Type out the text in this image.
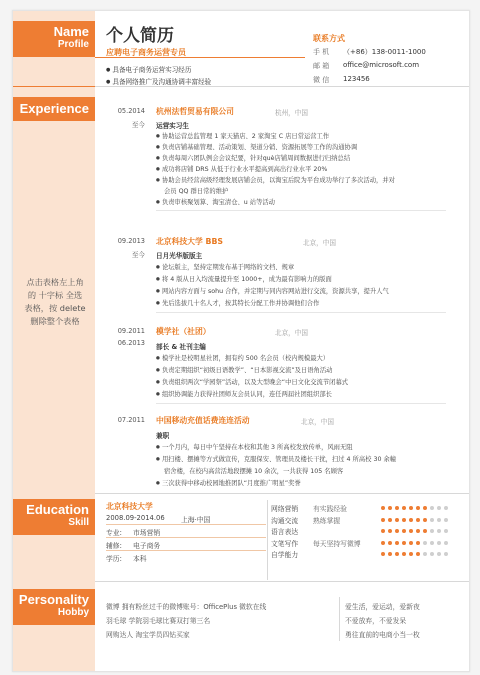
Name
Profile
Experience
Education
Skill
Personality
Hobby
点击表格左上角
的 十字标 全选
表格，按 delete
删除整个表格
个人简历
应聘电子商务运营专员
● 具备电子商务运营实习经历
● 具备网络推广及沟通协调丰富经验
联系方式
手 机 （+86）138-0011-1000
邮 箱 office@microsoft.com
微 信 123456
05.2014
至今
杭州法哲贸易有限公司	杭州，中国
运营实习生
● 协助运营总监管理 1 家天猫店、2 家淘宝 C 店日常运营工作
● 负责店铺基础管理、活动策划、渠道分销、资源拓展等工作的沟通协调
● 负责每周六团队例会会议纪要，针对què店铺周间数据进行归纳总结
● 成功将店铺 DRS 从低于行业水平提高到高出行业水平 20%
● 协助会员经营高级经理发展店铺会员，以淘宝后院为平台成功举行了多次活动，并对
会员 QQ 群日常的维护
● 负责审核聚划算、淘宝清仓、u 站等活动
09.2013
至今
北京科技大学 BBS	北京，中国
日月光华版版主
● 论坛版主，坚持定期发布基于网络的文档、规章
● 将 4 版从日入均流量提升至 1000+，成为最有影响力的版面
● 网站内容方面与 sohu 合作，并定期与同内容网站进行交流，资源共享，提升人气
● 先后选拔几十名人才，按其特长分配工作并协调他们合作
09.2011
06.2013
模学社（社团）	北京，中国
部长 & 社刊主编
● 模学社是校明星社团，拥有约 500 名会员（校内规模最大）
● 负责定期组织“初级日语教学”、“日本影视交流”及日语角活动
● 负责组织两次“学园祭”活动，以及大型晚会“中日文化交流节闭幕式
● 组织协调能力获得社团师友会员认同，连任两届社团组织部长
07.2011 中国移动充值话费连连活动	北京，中国
兼职
● 一个月内，每日中午坚持在本校和其他 3 所高校发放传单，风雨无阻
● 用扫楼、摆摊等方式做宣传，克服保安、管理员及楼长干扰，扫过 4 所高校 30 余幢
宿舍楼，在校内高营活地段摆摊 10 余次，一共获得 105 名顾客
● 三次获得中移动校园地推团队“月度推广明星”奖誉
北京科技大学
2008.09-2014.06 上海·中国
专业: 市场营销
辅修: 电子商务
学历: 本科
网络营销 有实践经验
沟通交流 熟练掌握
语言表达
文笔写作 每天坚持写微博
自学能力
微博 拥有粉丝过千的微博账号：OfficePlus 微软在线
羽毛球 学院羽毛球比赛双打第三名
网购达人 淘宝学员四钻买家
爱生活，爱运动，爱新夜
不爱放弃，不爱发呆
勇往直前的电商小当一枚
